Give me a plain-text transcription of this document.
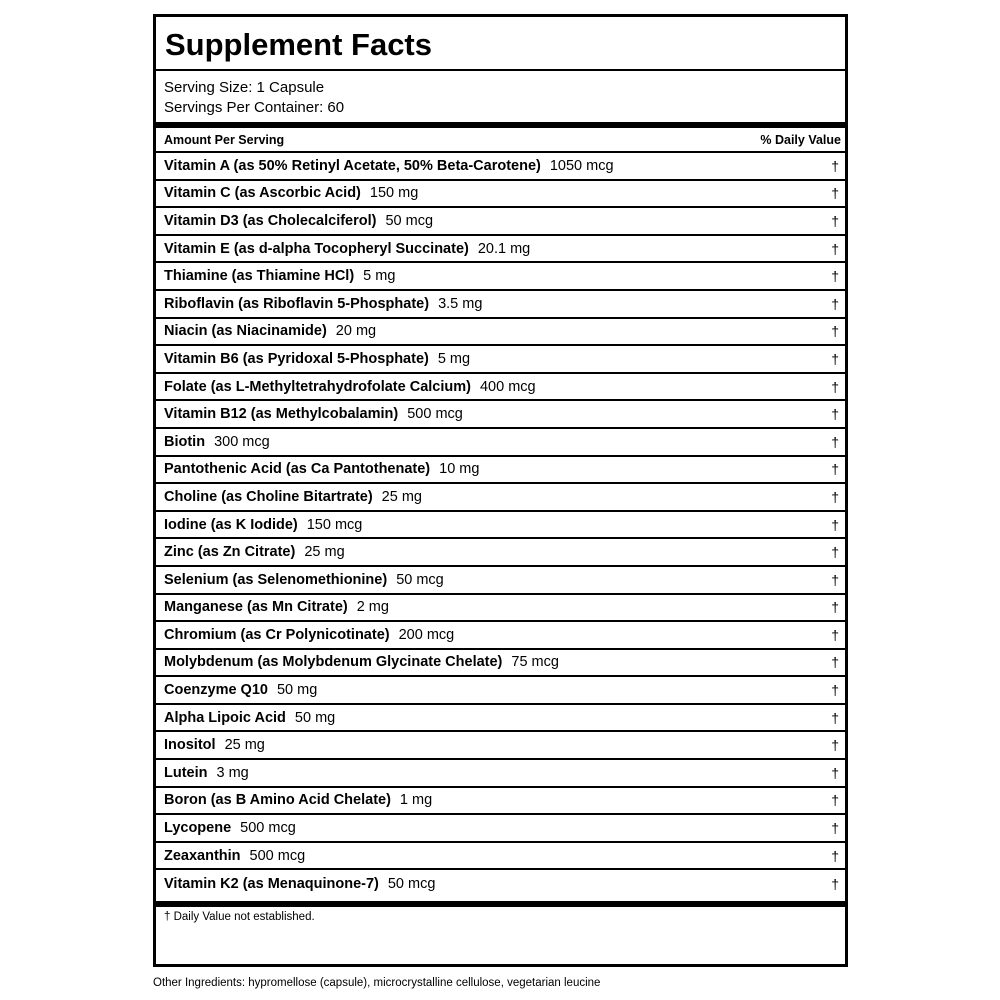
Supplement Facts
Serving Size: 1 Capsule
Servings Per Container: 60
Amount Per Serving	% Daily Value
Vitamin A (as 50% Retinyl Acetate, 50% Beta-Carotene) 1050 mcg	†
Vitamin C (as Ascorbic Acid) 150 mg	†
Vitamin D3 (as Cholecalciferol) 50 mcg	†
Vitamin E (as d-alpha Tocopheryl Succinate) 20.1 mg	†
Thiamine (as Thiamine HCl) 5 mg	†
Riboflavin (as Riboflavin 5-Phosphate) 3.5 mg	†
Niacin (as Niacinamide) 20 mg	†
Vitamin B6 (as Pyridoxal 5-Phosphate) 5 mg	†
Folate (as L-Methyltetrahydrofolate Calcium) 400 mcg	†
Vitamin B12 (as Methylcobalamin) 500 mcg	†
Biotin 300 mcg	†
Pantothenic Acid (as Ca Pantothenate) 10 mg	†
Choline (as Choline Bitartrate) 25 mg	†
Iodine (as K Iodide) 150 mcg	†
Zinc (as Zn Citrate) 25 mg	†
Selenium (as Selenomethionine) 50 mcg	†
Manganese (as Mn Citrate) 2 mg	†
Chromium (as Cr Polynicotinate) 200 mcg	†
Molybdenum (as Molybdenum Glycinate Chelate) 75 mcg	†
Coenzyme Q10 50 mg	†
Alpha Lipoic Acid 50 mg	†
Inositol 25 mg	†
Lutein 3 mg	†
Boron (as B Amino Acid Chelate) 1 mg	†
Lycopene 500 mcg	†
Zeaxanthin 500 mcg	†
Vitamin K2 (as Menaquinone-7) 50 mcg	†
† Daily Value not established.
Other Ingredients: hypromellose (capsule), microcrystalline cellulose, vegetarian leucine
